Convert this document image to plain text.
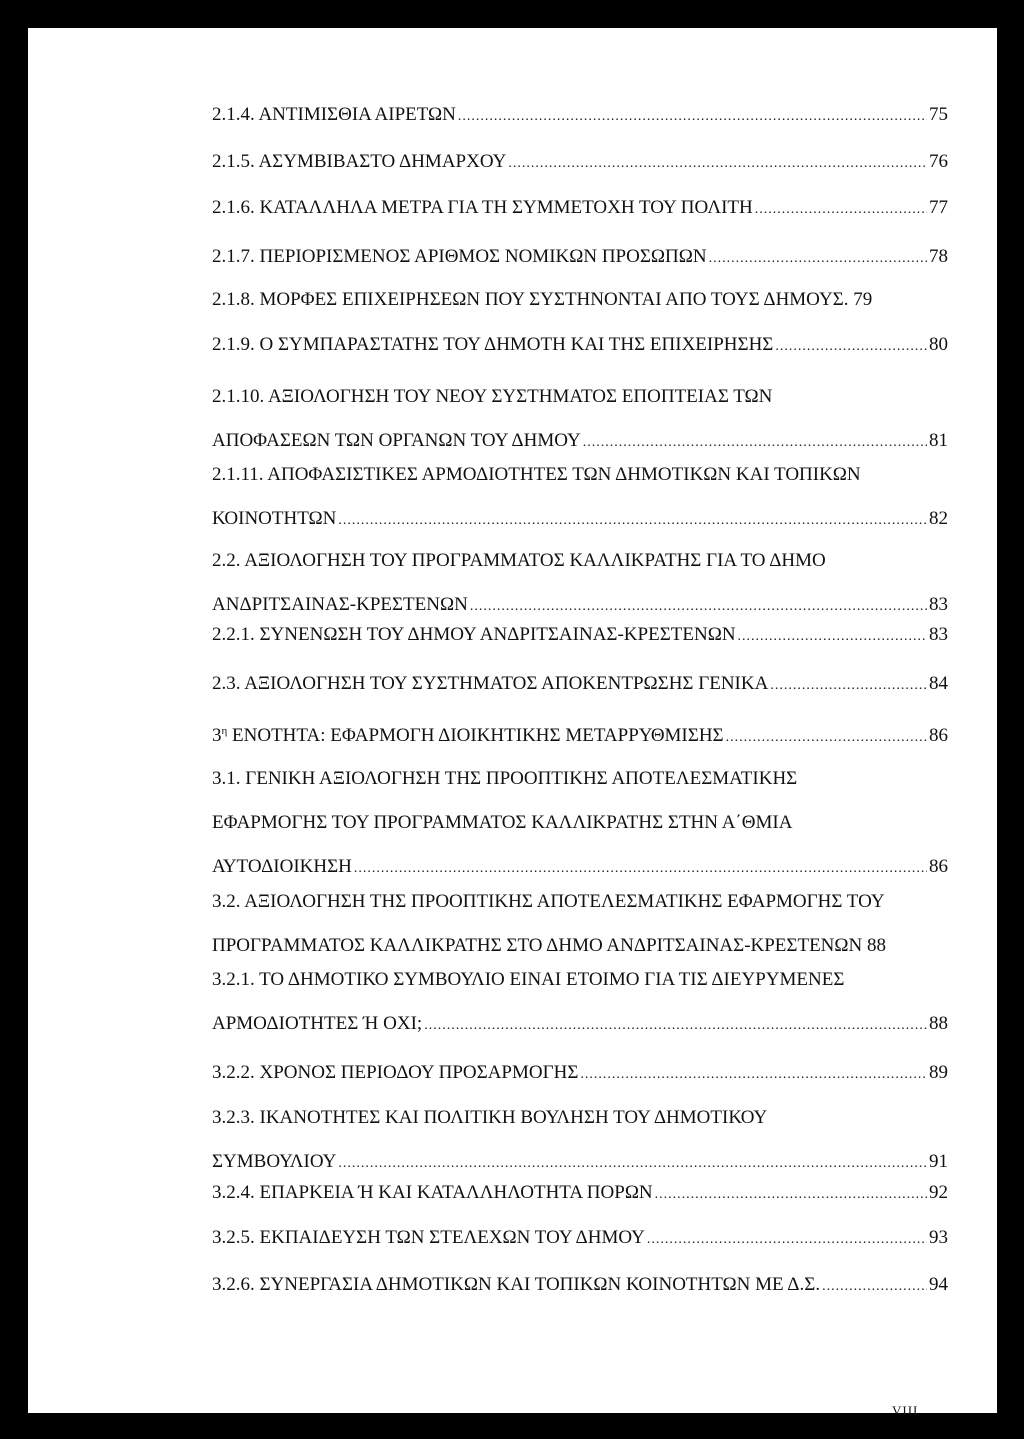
2.1.4. ΑΝΤΙΜΙΣΘΙΑ ΑΙΡΕΤΩΝ .....	75
2.1.5. ΑΣΥΜΒΙΒΑΣΤΟ ΔΗΜΑΡΧΟΥ .....	76
2.1.6. ΚΑΤΑΛΛΗΛΑ ΜΕΤΡΑ ΓΙΑ ΤΗ ΣΥΜΜΕΤΟΧΗ ΤΟΥ ΠΟΛΙΤΗ .....	77
2.1.7. ΠΕΡΙΟΡΙΣΜΕΝΟΣ ΑΡΙΘΜΟΣ ΝΟΜΙΚΩΝ ΠΡΟΣΩΠΩΝ .....	78
2.1.8. ΜΟΡΦΕΣ ΕΠΙΧΕΙΡΗΣΕΩΝ ΠΟΥ ΣΥΣΤΗΝΟΝΤΑΙ ΑΠΟ ΤΟΥΣ ΔΗΜΟΥΣ. 79
2.1.9. Ο ΣΥΜΠΑΡΑΣΤΑΤΗΣ ΤΟΥ ΔΗΜΟΤΗ ΚΑΙ ΤΗΣ ΕΠΙΧΕΙΡΗΣΗΣ .....	80
2.1.10. ΑΞΙΟΛΟΓΗΣΗ ΤΟΥ ΝΕΟΥ ΣΥΣΤΗΜΑΤΟΣ ΕΠΟΠΤΕΙΑΣ ΤΩΝ
ΑΠΟΦΑΣΕΩΝ ΤΩΝ ΟΡΓΑΝΩΝ ΤΟΥ ΔΗΜΟΥ .....	81
2.1.11. ΑΠΟΦΑΣΙΣΤΙΚΕΣ ΑΡΜΟΔΙΟΤΗΤΕΣ ΤΩΝ ΔΗΜΟΤΙΚΩΝ ΚΑΙ ΤΟΠΙΚΩΝ
ΚΟΙΝΟΤΗΤΩΝ .....	82
2.2. ΑΞΙΟΛΟΓΗΣΗ ΤΟΥ ΠΡΟΓΡΑΜΜΑΤΟΣ ΚΑΛΛΙΚΡΑΤΗΣ ΓΙΑ ΤΟ ΔΗΜΟ
ΑΝΔΡΙΤΣΑΙΝΑΣ-ΚΡΕΣΤΕΝΩΝ .....	83
2.2.1. ΣΥΝΕΝΩΣΗ ΤΟΥ ΔΗΜΟΥ ΑΝΔΡΙΤΣΑΙΝΑΣ-ΚΡΕΣΤΕΝΩΝ .....	83
2.3. ΑΞΙΟΛΟΓΗΣΗ ΤΟΥ ΣΥΣΤΗΜΑΤΟΣ ΑΠΟΚΕΝΤΡΩΣΗΣ ΓΕΝΙΚΑ .....	84
$3^\eta$ ΕΝΟΤΗΤΑ: ΕΦΑΡΜΟΓΗ ΔΙΟΙΚΗΤΙΚΗΣ ΜΕΤΑΡΡΥΘΜΙΣΗΣ .....	86
3.1. ΓΕΝΙΚΗ ΑΞΙΟΛΟΓΗΣΗ ΤΗΣ ΠΡΟΟΠΤΙΚΗΣ ΑΠΟΤΕΛΕΣΜΑΤΙΚΗΣ
ΕΦΑΡΜΟΓΗΣ ΤΟΥ ΠΡΟΓΡΑΜΜΑΤΟΣ ΚΑΛΛΙΚΡΑΤΗΣ ΣΤΗΝ Α΄ΘΜΙΑ
ΑΥΤΟΔΙΟΙΚΗΣΗ .....	86
3.2. ΑΞΙΟΛΟΓΗΣΗ ΤΗΣ ΠΡΟΟΠΤΙΚΗΣ ΑΠΟΤΕΛΕΣΜΑΤΙΚΗΣ ΕΦΑΡΜΟΓΗΣ ΤΟΥ
ΠΡΟΓΡΑΜΜΑΤΟΣ ΚΑΛΛΙΚΡΑΤΗΣ ΣΤΟ ΔΗΜΟ ΑΝΔΡΙΤΣΑΙΝΑΣ-ΚΡΕΣΤΕΝΩΝ 88
3.2.1. ΤΟ ΔΗΜΟΤΙΚΟ ΣΥΜΒΟΥΛΙΟ ΕΙΝΑΙ ΕΤΟΙΜΟ ΓΙΑ ΤΙΣ ΔΙΕΥΡΥΜΕΝΕΣ
ΑΡΜΟΔΙΟΤΗΤΕΣ Ή ΟΧΙ; .....	88
3.2.2. ΧΡΟΝΟΣ ΠΕΡΙΟΔΟΥ ΠΡΟΣΑΡΜΟΓΗΣ .....	89
3.2.3. ΙΚΑΝΟΤΗΤΕΣ ΚΑΙ ΠΟΛΙΤΙΚΗ ΒΟΥΛΗΣΗ ΤΟΥ ΔΗΜΟΤΙΚΟΥ
ΣΥΜΒΟΥΛΙΟΥ .....	91
3.2.4. ΕΠΑΡΚΕΙΑ Ή ΚΑΙ ΚΑΤΑΛΛΗΛΟΤΗΤΑ ΠΟΡΩΝ .....	92
3.2.5. ΕΚΠΑΙΔΕΥΣΗ ΤΩΝ ΣΤΕΛΕΧΩΝ ΤΟΥ ΔΗΜΟΥ .....	93
3.2.6. ΣΥΝΕΡΓΑΣΙΑ ΔΗΜΟΤΙΚΩΝ ΚΑΙ ΤΟΠΙΚΩΝ ΚΟΙΝΟΤΗΤΩΝ ΜΕ Δ.Σ. .....	94
VIII
